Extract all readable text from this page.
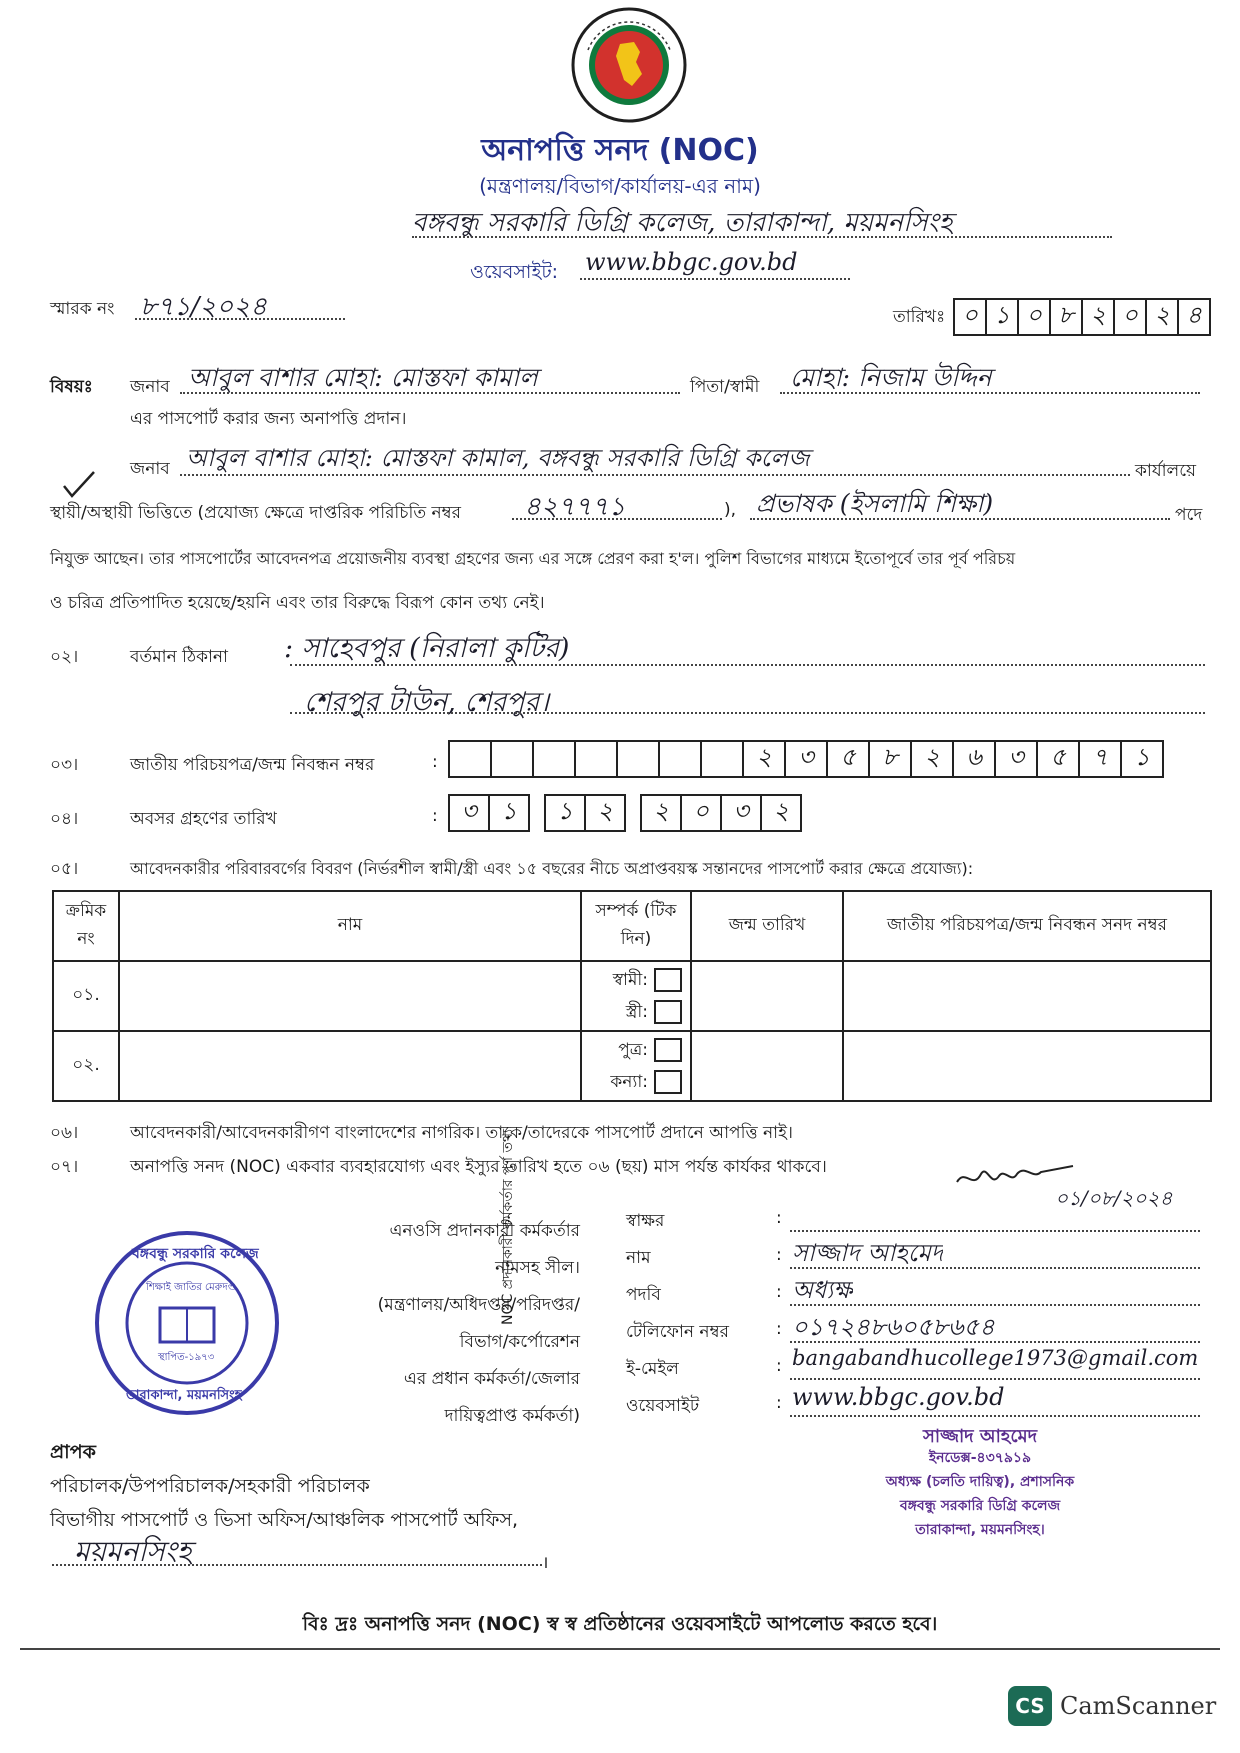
অনাপত্তি সনদ (NOC)
(মন্ত্রণালয়/বিভাগ/কার্যালয়-এর নাম)
বঙ্গবন্ধু সরকারি ডিগ্রি কলেজ, তারাকান্দা, ময়মনসিংহ
ওয়েবসাইট: www.bbgc.gov.bd
স্মারক নং ৮৭১/২০২৪	তারিখঃ ০ ১ ০ ৮ ২ ০ ২ ৪
বিষয়ঃ জনাব আবুল বাশার মোহা: মোস্তফা কামাল	পিতা/স্বামী মোহা: নিজাম উদ্দিন
এর পাসপোর্ট করার জন্য অনাপত্তি প্রদান।
জনাব আবুল বাশার মোহা: মোস্তফা কামাল, বঙ্গবন্ধু সরকারি ডিগ্রি কলেজ	কার্যালয়ে
স্থায়ী/অস্থায়ী ভিত্তিতে (প্রযোজ্য ক্ষেত্রে দাপ্তরিক পরিচিতি নম্বর ৪২৭৭৭১	), প্রভাষক (ইসলামি শিক্ষা)	পদে
নিযুক্ত আছেন। তার পাসপোর্টের আবেদনপত্র প্রয়োজনীয় ব্যবস্থা গ্রহণের জন্য এর সঙ্গে প্রেরণ করা হ'ল। পুলিশ বিভাগের মাধ্যমে ইতোপূর্বে তার পূর্ব পরিচয়
ও চরিত্র প্রতিপাদিত হয়েছে/হয়নি এবং তার বিরুদ্ধে বিরূপ কোন তথ্য নেই।
০২।	বর্তমান ঠিকানা : সাহেবপুর (নিরালা কুটির)
শেরপুর টাউন, শেরপুর।
০৩।	জাতীয় পরিচয়পত্র/জন্ম নিবন্ধন নম্বর	:	২	৩	৫	৮	২	৬	৩	৫	৭	১
০৪।	অবসর গ্রহণের তারিখ	: ৩	১	১	২	২	০	৩	২
০৫।	আবেদনকারীর পরিবারবর্গের বিবরণ (নির্ভরশীল স্বামী/স্ত্রী এবং ১৫ বছরের নীচে অপ্রাপ্তবয়স্ক সন্তানদের পাসপোর্ট করার ক্ষেত্রে প্রযোজ্য):
ক্রমিক নং	নাম	সম্পর্ক (টিক দিন)	জন্ম তারিখ	জাতীয় পরিচয়পত্র/জন্ম নিবন্ধন সনদ নম্বর
০১.		স্বামী:
স্ত্রী:		
০২.		পুত্র:
কন্যা:		
০৬।	আবেদনকারী/আবেদনকারীগণ বাংলাদেশের নাগরিক। তাকে/তাদেরকে পাসপোর্ট প্রদানে আপত্তি নাই।
০৭।	অনাপত্তি সনদ (NOC) একবার ব্যবহারযোগ্য এবং ইস্যুর তারিখ হতে ০৬ (ছয়) মাস পর্যন্ত কার্যকর থাকবে।
০১/০৮/২০২৪
এনওসি প্রদানকারী কর্মকর্তার
নামসহ সীল।
(মন্ত্রণালয়/অধিদপ্তর/পরিদপ্তর/
বিভাগ/কর্পোরেশন
এর প্রধান কর্মকর্তা/জেলার
দায়িত্বপ্রাপ্ত কর্মকর্তা)
NOC প্রদানকারী কর্মকর্তার পূর্ণ তথ্য	স্বাক্ষর	:
নাম	: সাজ্জাদ আহমেদ
পদবি	: অধ্যক্ষ
টেলিফোন নম্বর	: ০১৭২৪৮৬০৫৮৬৫৪
ই-মেইল	: bangabandhucollege1973@gmail.com
ওয়েবসাইট	: www.bbgc.gov.bd
বঙ্গবন্ধু সরকারি কলেজ
শিক্ষাই জাতির মেরুদণ্ড
স্থাপিত-১৯৭৩
তারাকান্দা, ময়মনসিংহ
সাজ্জাদ আহমেদ
ইনডেক্স-৪৩৭৯১৯
অধ্যক্ষ (চলতি দায়িত্ব), প্রশাসনিক
বঙ্গবন্ধু সরকারি ডিগ্রি কলেজ
তারাকান্দা, ময়মনসিংহ।
প্রাপক
পরিচালক/উপপরিচালক/সহকারী পরিচালক
বিভাগীয় পাসপোর্ট ও ভিসা অফিস/আঞ্চলিক পাসপোর্ট অফিস,
ময়মনসিংহ	।
বিঃ দ্রঃ অনাপত্তি সনদ (NOC) স্ব স্ব প্রতিষ্ঠানের ওয়েবসাইটে আপলোড করতে হবে।
CS CamScanner
